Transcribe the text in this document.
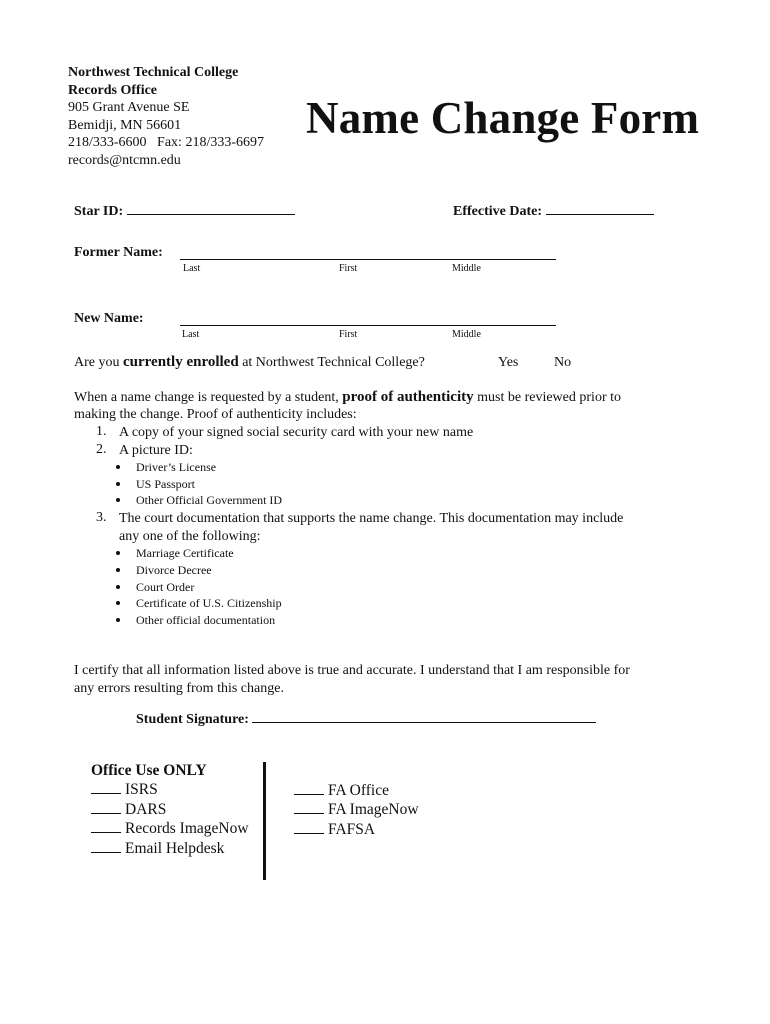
Northwest Technical College
Records Office
905 Grant Avenue SE
Bemidji, MN 56601
218/333-6600   Fax: 218/333-6697
records@ntcmn.edu
Name Change Form
Star ID:	Effective Date:
Former Name:
Last	First	Middle
New Name:
Last	First	Middle
Are you currently enrolled at Northwest Technical College?	Yes	No
When a name change is requested by a student, proof of authenticity must be reviewed prior to
making the change. Proof of authenticity includes:
1. A copy of your signed social security card with your new name
2. A picture ID:
Driver’s License
US Passport
Other Official Government ID
3. The court documentation that supports the name change. This documentation may include
any one of the following:
Marriage Certificate
Divorce Decree
Court Order
Certificate of U.S. Citizenship
Other official documentation
I certify that all information listed above is true and accurate. I understand that I am responsible for
any errors resulting from this change.
Student Signature:
Office Use ONLY
ISRS
DARS
Records ImageNow
Email Helpdesk
FA Office
FA ImageNow
FAFSA
